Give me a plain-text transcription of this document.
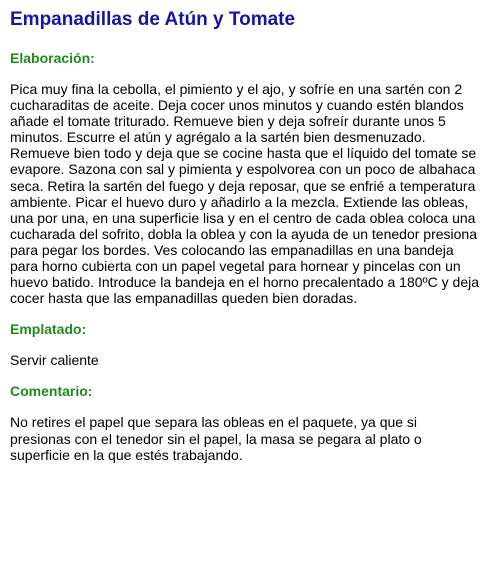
Empanadillas de Atún y Tomate
Elaboración:

Pica muy fina la cebolla, el pimiento y el ajo, y sofríe en una sartén con 2 cucharaditas de aceite. Deja cocer unos minutos y cuando estén blandos añade el tomate triturado. Remueve bien y deja sofreír durante unos 5 minutos. Escurre el atún y agrégalo a la sartén bien desmenuzado. Remueve bien todo y deja que se cocine hasta que el líquido del tomate se evapore. Sazona con sal y pimienta y espolvorea con un poco de albahaca seca. Retira la sartén del fuego y deja reposar, que se enfrié a temperatura ambiente. Picar el huevo duro y añadirlo a la mezcla. Extiende las obleas, una por una, en una superficie lisa y en el centro de cada oblea coloca una cucharada del sofrito, dobla la oblea y con la ayuda de un tenedor presiona para pegar los bordes. Ves colocando las empanadillas en una bandeja para horno cubierta con un papel vegetal para hornear y pincelas con un huevo batido. Introduce la bandeja en el horno precalentado a 180ºC y deja cocer hasta que las empanadillas queden bien doradas.

Emplatado:

Servir caliente

Comentario:

No retires el papel que separa las obleas en el paquete, ya que si presionas con el tenedor sin el papel, la masa se pegara al plato o superficie en la que estés trabajando.
